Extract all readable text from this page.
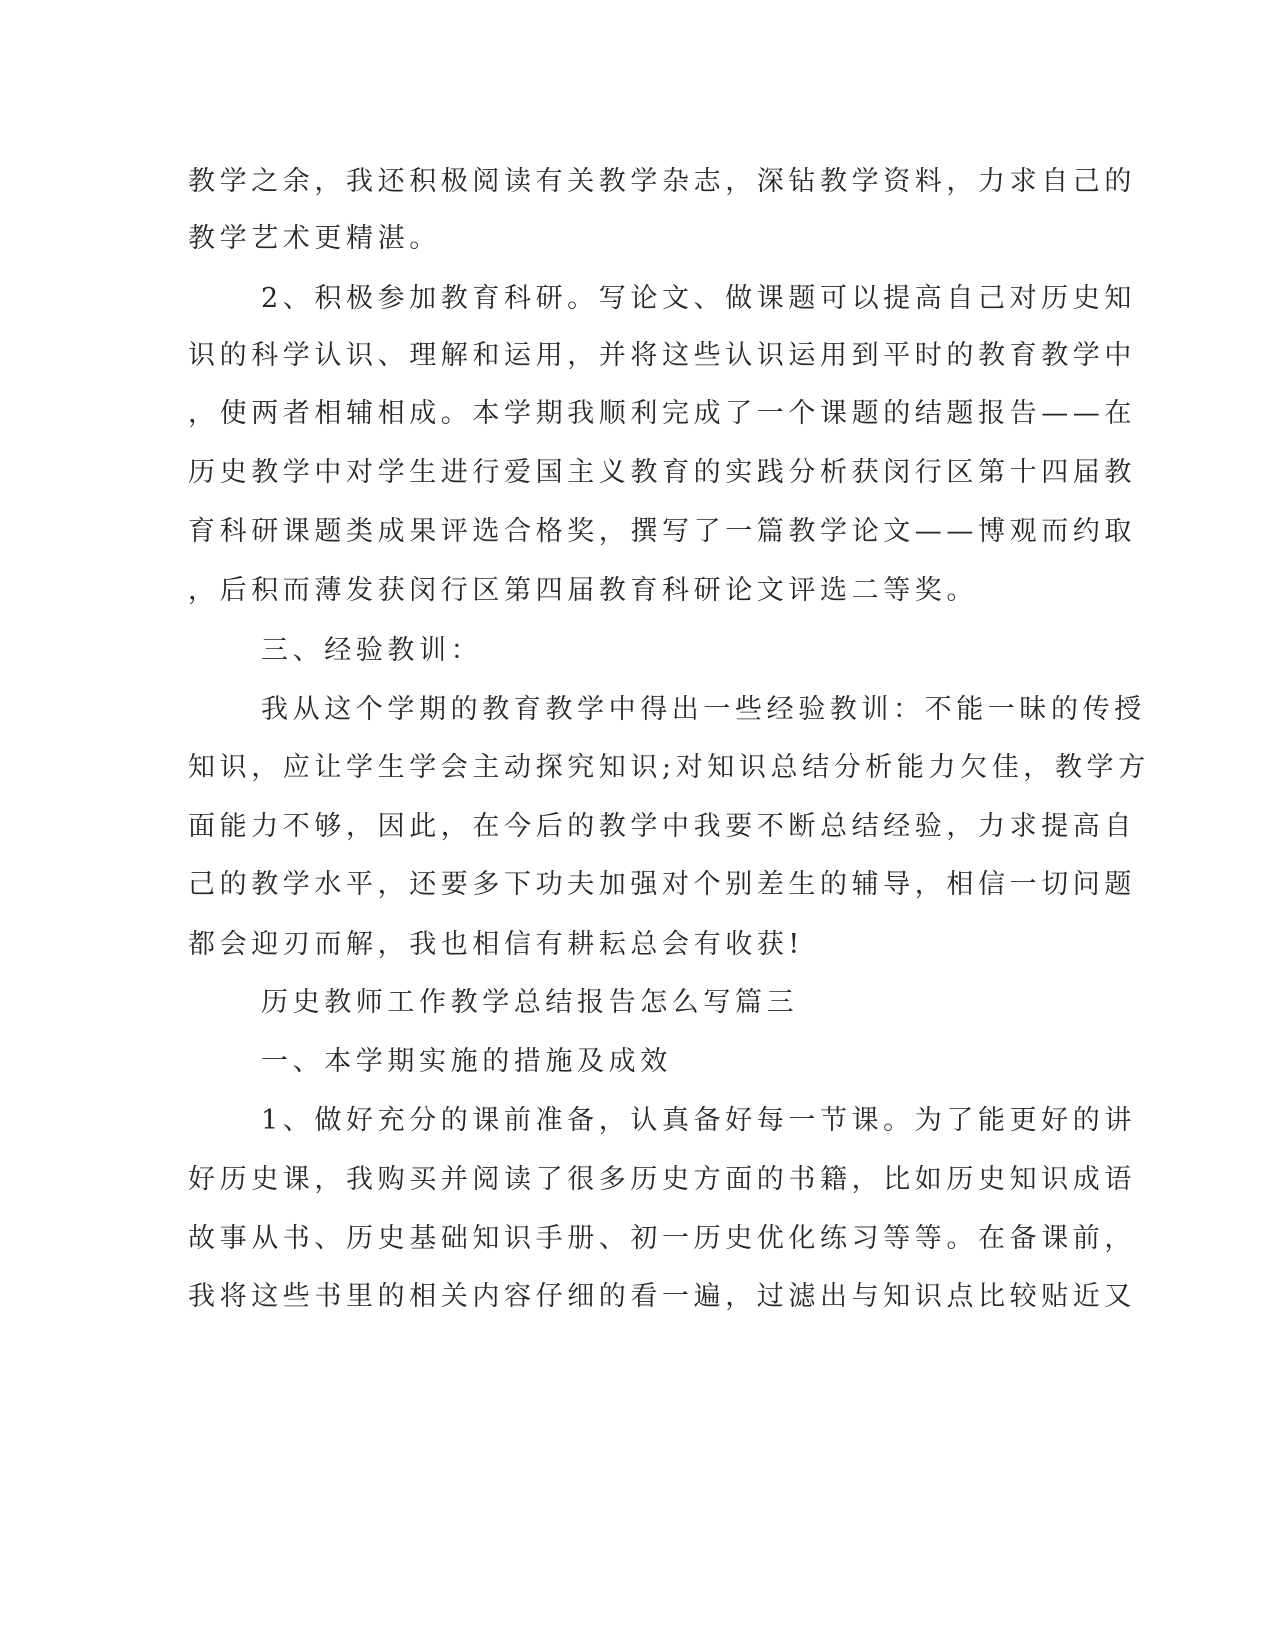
教学之余，我还积极阅读有关教学杂志，深钻教学资料，力求自己的
教学艺术更精湛。
2、积极参加教育科研。写论文、做课题可以提高自己对历史知
识的科学认识、理解和运用，并将这些认识运用到平时的教育教学中
，使两者相辅相成。本学期我顺利完成了一个课题的结题报告——在
历史教学中对学生进行爱国主义教育的实践分析获闵行区第十四届教
育科研课题类成果评选合格奖，撰写了一篇教学论文——博观而约取
，后积而薄发获闵行区第四届教育科研论文评选二等奖。
三、经验教训：
我从这个学期的教育教学中得出一些经验教训：不能一昧的传授
知识，应让学生学会主动探究知识;对知识总结分析能力欠佳，教学方
面能力不够，因此，在今后的教学中我要不断总结经验，力求提高自
己的教学水平，还要多下功夫加强对个别差生的辅导，相信一切问题
都会迎刃而解，我也相信有耕耘总会有收获!
历史教师工作教学总结报告怎么写篇三
一、本学期实施的措施及成效
1、做好充分的课前准备，认真备好每一节课。为了能更好的讲
好历史课，我购买并阅读了很多历史方面的书籍，比如历史知识成语
故事从书、历史基础知识手册、初一历史优化练习等等。在备课前，
我将这些书里的相关内容仔细的看一遍，过滤出与知识点比较贴近又
